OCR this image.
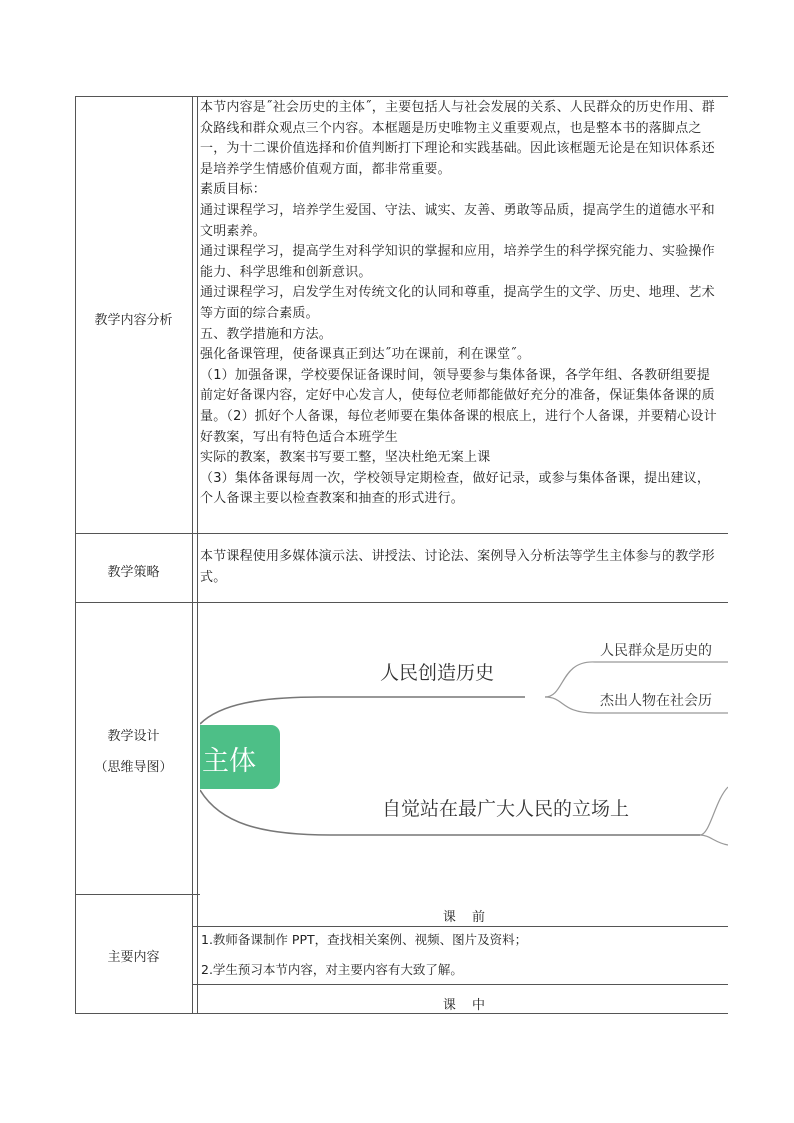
教学内容分析

本节内容是˝社会历史的主体˝，主要包括人与社会发展的关系、人民群众的历史作用、群众路线和群众观点三个内容。本框题是历史唯物主义重要观点，也是整本书的落脚点之一，为十二课价值选择和价值判断打下理论和实践基础。因此该框题无论是在知识体系还是培养学生情感价值观方面，都非常重要。

素质目标：

通过课程学习，培养学生爱国、守法、诚实、友善、勇敢等品质，提高学生的道德水平和文明素养。

通过课程学习，提高学生对科学知识的掌握和应用，培养学生的科学探究能力、实验操作能力、科学思维和创新意识。

通过课程学习，启发学生对传统文化的认同和尊重，提高学生的文学、历史、地理、艺术等方面的综合素质。

五、教学措施和方法。

强化备课管理，使备课真正到达˝功在课前，利在课堂˝。

（1）加强备课，学校要保证备课时间，领导要参与集体备课，各学年组、各教研组要提前定好备课内容，定好中心发言人，使每位老师都能做好充分的准备，保证集体备课的质量。（2）抓好个人备课，每位老师要在集体备课的根底上，进行个人备课，并要精心设计好教案，写出有特色适合本班学生

实际的教案，教案书写要工整，坚决杜绝无案上课

（3）集体备课每周一次，学校领导定期检查，做好记录，或参与集体备课，提出建议，个人备课主要以检查教案和抽查的形式进行。

教学策略
本节课程使用多媒体演示法、讲授法、讨论法、案例导入分析法等学生主体参与的教学形式。
教学设计
（思维导图）	主体
人民创造历史
人民群众是历史的
杰出人物在社会历
自觉站在最广大人民的立场上
主要内容
课 前
1.教师备课制作 PPT，查找相关案例、视频、图片及资料；
2.学生预习本节内容，对主要内容有大致了解。
课 中
